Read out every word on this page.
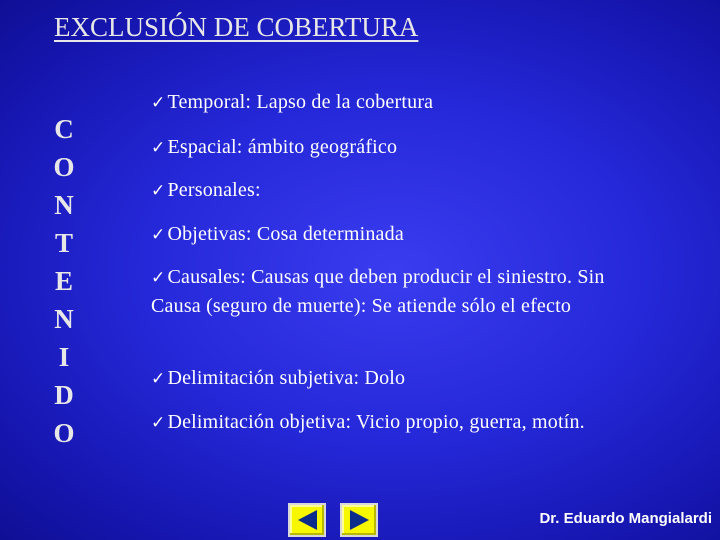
EXCLUSIÓN DE COBERTURA
C
O
N
T
E
N
I
D
O
✓ Temporal: Lapso de la cobertura
✓ Espacial: ámbito geográfico
✓ Personales:
✓ Objetivas: Cosa determinada
✓ Causales: Causas que deben producir el siniestro. Sin Causa (seguro de muerte): Se atiende sólo el efecto
✓ Delimitación subjetiva: Dolo
✓ Delimitación objetiva: Vicio propio, guerra, motín.
Dr. Eduardo Mangialardi
